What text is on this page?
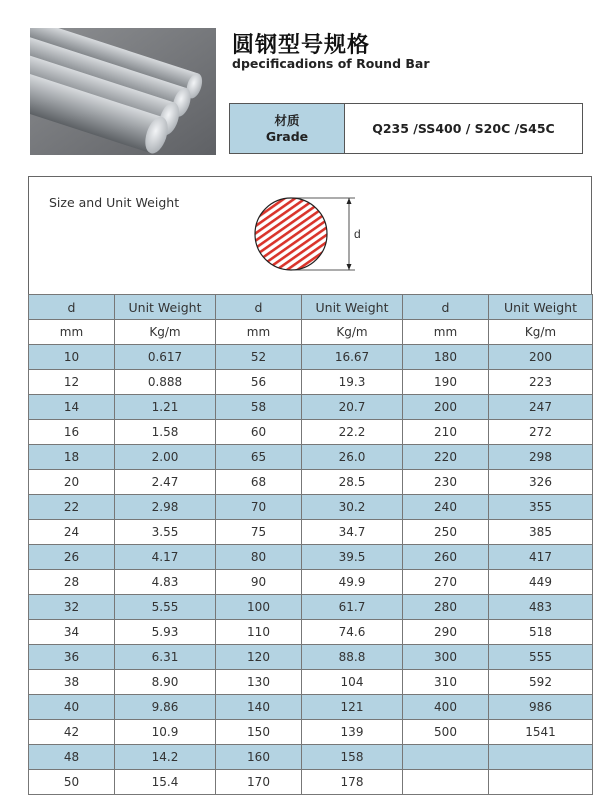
圆钢型号规格
dpecificadions of Round Bar
材质
Grade	Q235 /SS400 / S20C /S45C
Size and Unit Weight
d
d	Unit Weight	d	Unit Weight	d	Unit Weight
mm	Kg/m	mm	Kg/m	mm	Kg/m
10	0.617	52	16.67	180	200
12	0.888	56	19.3	190	223
14	1.21	58	20.7	200	247
16	1.58	60	22.2	210	272
18	2.00	65	26.0	220	298
20	2.47	68	28.5	230	326
22	2.98	70	30.2	240	355
24	3.55	75	34.7	250	385
26	4.17	80	39.5	260	417
28	4.83	90	49.9	270	449
32	5.55	100	61.7	280	483
34	5.93	110	74.6	290	518
36	6.31	120	88.8	300	555
38	8.90	130	104	310	592
40	9.86	140	121	400	986
42	10.9	150	139	500	1541
48	14.2	160	158		
50	15.4	170	178		
